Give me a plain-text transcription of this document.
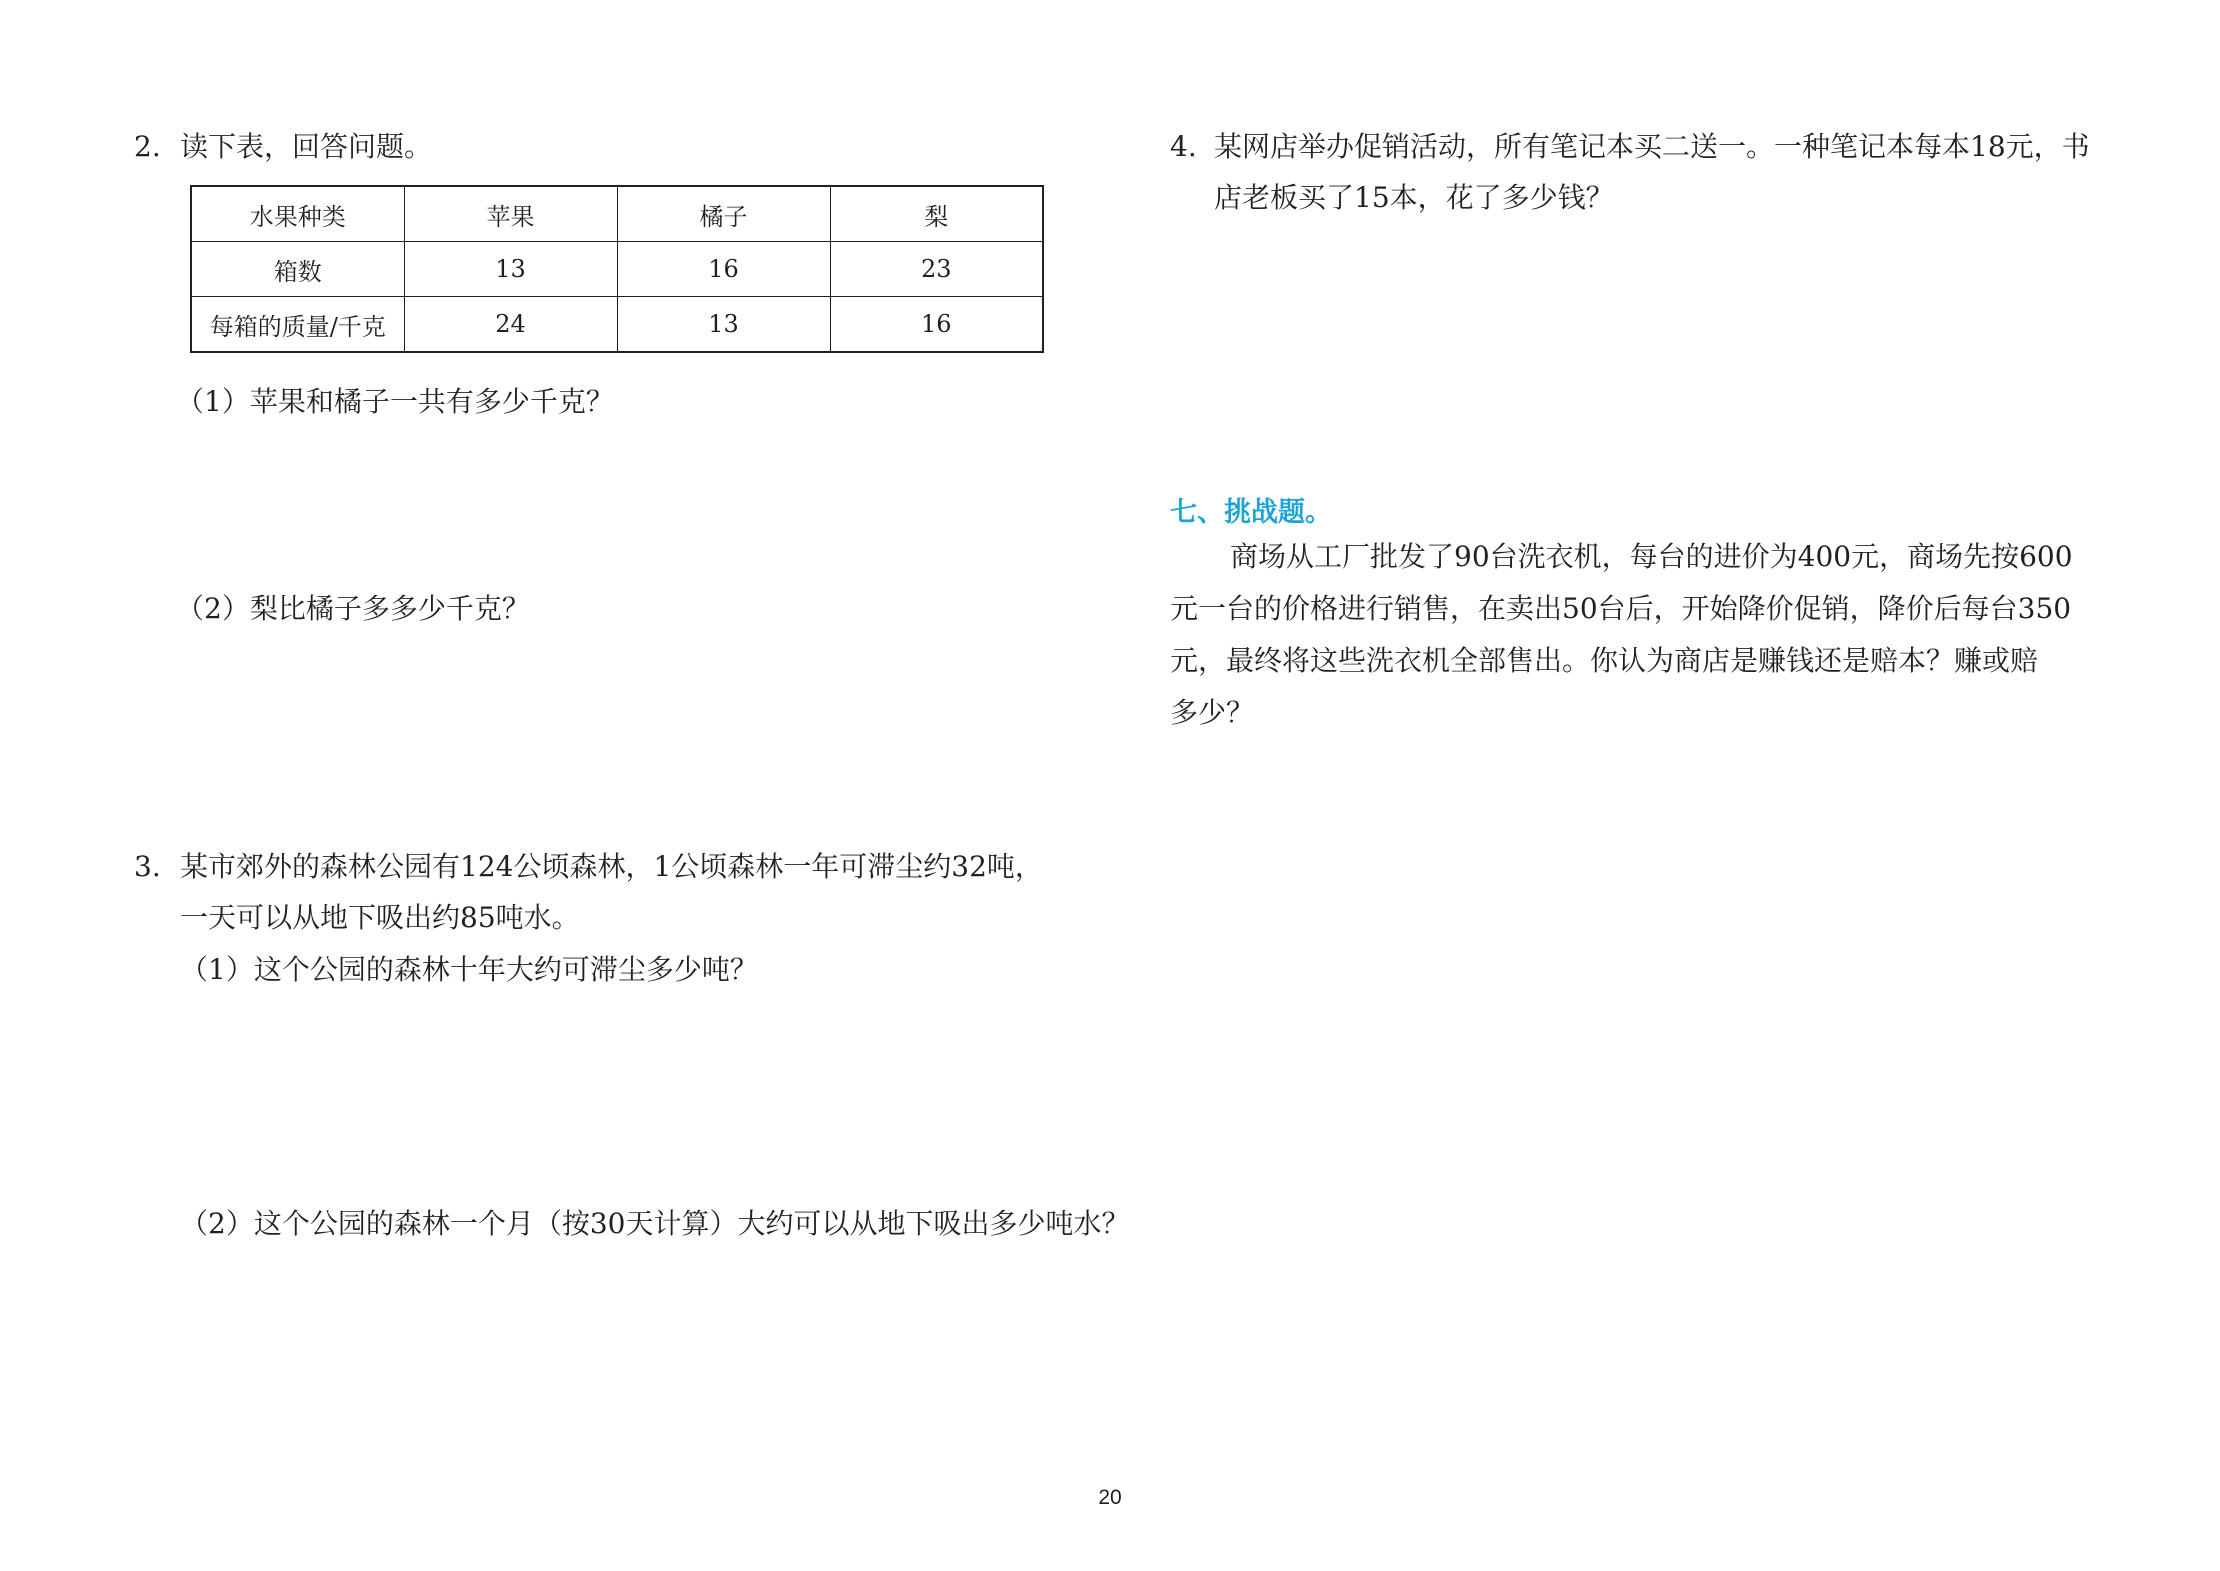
2. 读下表，回答问题。
水果种类	苹果	橘子	梨
箱数	13	16	23
每箱的质量/千克	24	13	16
（1）苹果和橘子一共有多少千克？
（2）梨比橘子多多少千克？
3. 某市郊外的森林公园有124公顷森林，1公顷森林一年可滞尘约32吨，
一天可以从地下吸出约85吨水。
（1）这个公园的森林十年大约可滞尘多少吨？
（2）这个公园的森林一个月（按30天计算）大约可以从地下吸出多少吨水？
4. 某网店举办促销活动，所有笔记本买二送一。一种笔记本每本18元，书
店老板买了15本，花了多少钱？
七、挑战题。
商场从工厂批发了90台洗衣机，每台的进价为400元，商场先按600
元一台的价格进行销售，在卖出50台后，开始降价促销，降价后每台350
元，最终将这些洗衣机全部售出。你认为商店是赚钱还是赔本？赚或赔
多少？
20
